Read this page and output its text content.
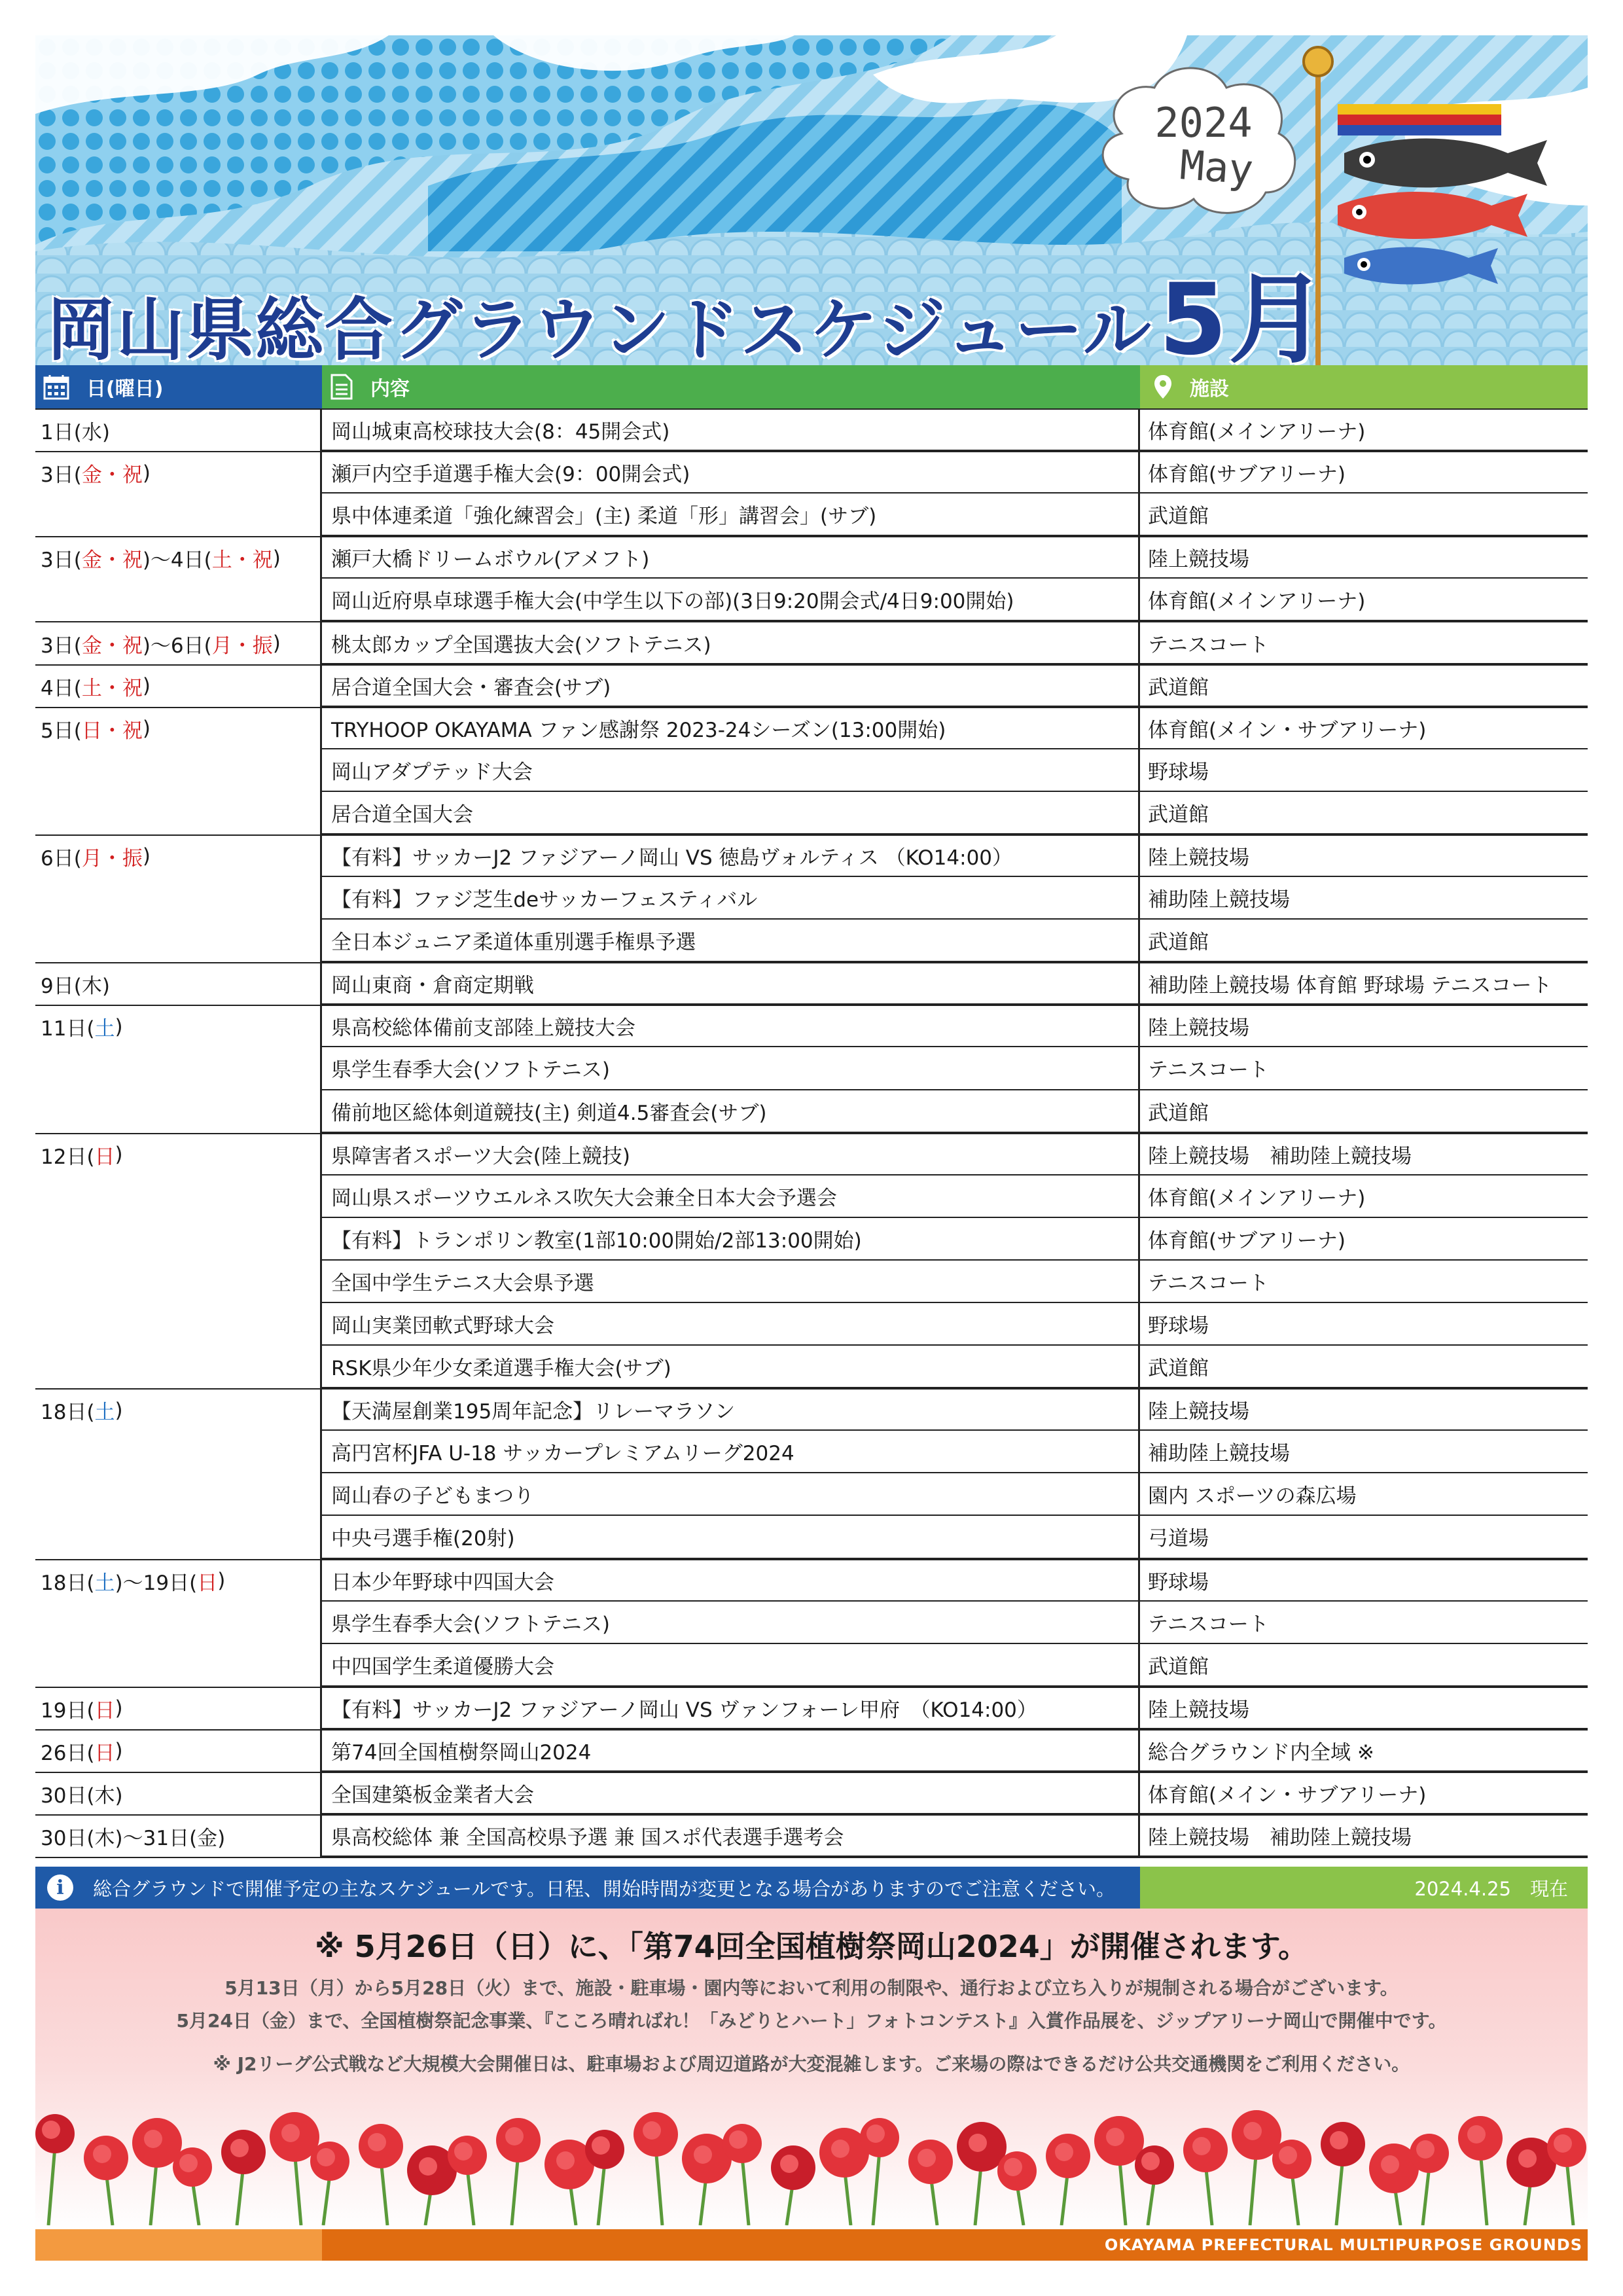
2024
May
岡山県総合グラウンドスケジュール5月
日(曜日)	内容	施設
1日(水)	岡山城東高校球技大会(8：45開会式)	体育館(メインアリーナ)
3日( 金・祝 )	瀬戸内空手道選手権大会(9：00開会式)	体育館(サブアリーナ)
県中体連柔道「強化練習会」(主) 柔道「形」講習会」(サブ)	武道館
3日( 金・祝 )～4日( 土・祝 )	瀬戸大橋ドリームボウル(アメフト)	陸上競技場
岡山近府県卓球選手権大会(中学生以下の部)(3日9:20開会式/4日9:00開始)	体育館(メインアリーナ)
3日( 金・祝 )～6日( 月・振 )	桃太郎カップ全国選抜大会(ソフトテニス)	テニスコート
4日( 土・祝 )	居合道全国大会・審査会(サブ)	武道館
5日( 日・祝 )	TRYHOOP OKAYAMA ファン感謝祭 2023-24シーズン(13:00開始)	体育館(メイン・サブアリーナ)
岡山アダプテッド大会	野球場
居合道全国大会	武道館
6日( 月・振 )	【有料】サッカーJ2 ファジアーノ岡山 VS 徳島ヴォルティス （KO14:00）	陸上競技場
【有料】ファジ芝生deサッカーフェスティバル	補助陸上競技場
全日本ジュニア柔道体重別選手権県予選	武道館
9日(木)	岡山東商・倉商定期戦	補助陸上競技場 体育館 野球場 テニスコート
11日( 土 )	県高校総体備前支部陸上競技大会	陸上競技場
県学生春季大会(ソフトテニス)	テニスコート
備前地区総体剣道競技(主) 剣道4.5審査会(サブ)	武道館
12日( 日 )	県障害者スポーツ大会(陸上競技)	陸上競技場　補助陸上競技場
岡山県スポーツウエルネス吹矢大会兼全日本大会予選会	体育館(メインアリーナ)
【有料】トランポリン教室(1部10:00開始/2部13:00開始)	体育館(サブアリーナ)
全国中学生テニス大会県予選	テニスコート
岡山実業団軟式野球大会	野球場
RSK県少年少女柔道選手権大会(サブ)	武道館
18日( 土 )	【天満屋創業195周年記念】リレーマラソン	陸上競技場
高円宮杯JFA U-18 サッカープレミアムリーグ2024	補助陸上競技場
岡山春の子どもまつり	園内 スポーツの森広場
中央弓選手権(20射)	弓道場
18日( 土 )～19日( 日 )	日本少年野球中四国大会	野球場
県学生春季大会(ソフトテニス)	テニスコート
中四国学生柔道優勝大会	武道館
19日( 日 )	【有料】サッカーJ2 ファジアーノ岡山 VS ヴァンフォーレ甲府　（KO14:00）	陸上競技場
26日( 日 )	第74回全国植樹祭岡山2024	総合グラウンド内全域 ※
30日(木)	全国建築板金業者大会	体育館(メイン・サブアリーナ)
30日(木)～31日(金)	県高校総体 兼 全国高校県予選 兼 国スポ代表選手選考会	陸上競技場　補助陸上競技場
i	総合グラウンドで開催予定の主なスケジュールです。日程、開始時間が変更となる場合がありますのでご注意ください。	2024.4.25　現在
※ 5月26日（日）に、「第74回全国植樹祭岡山2024」が開催されます。

5月13日（月）から5月28日（火）まで、施設・駐車場・園内等において利用の制限や、通行および立ち入りが規制される場合がございます。

5月24日（金）まで、全国植樹祭記念事業、『こころ晴ればれ！「みどりとハート」フォトコンテスト』入賞作品展を、ジップアリーナ岡山で開催中です。

※ J2リーグ公式戦など大規模大会開催日は、駐車場および周辺道路が大変混雑します。ご来場の際はできるだけ公共交通機関をご利用ください。

OKAYAMA PREFECTURAL MULTIPURPOSE GROUNDS
